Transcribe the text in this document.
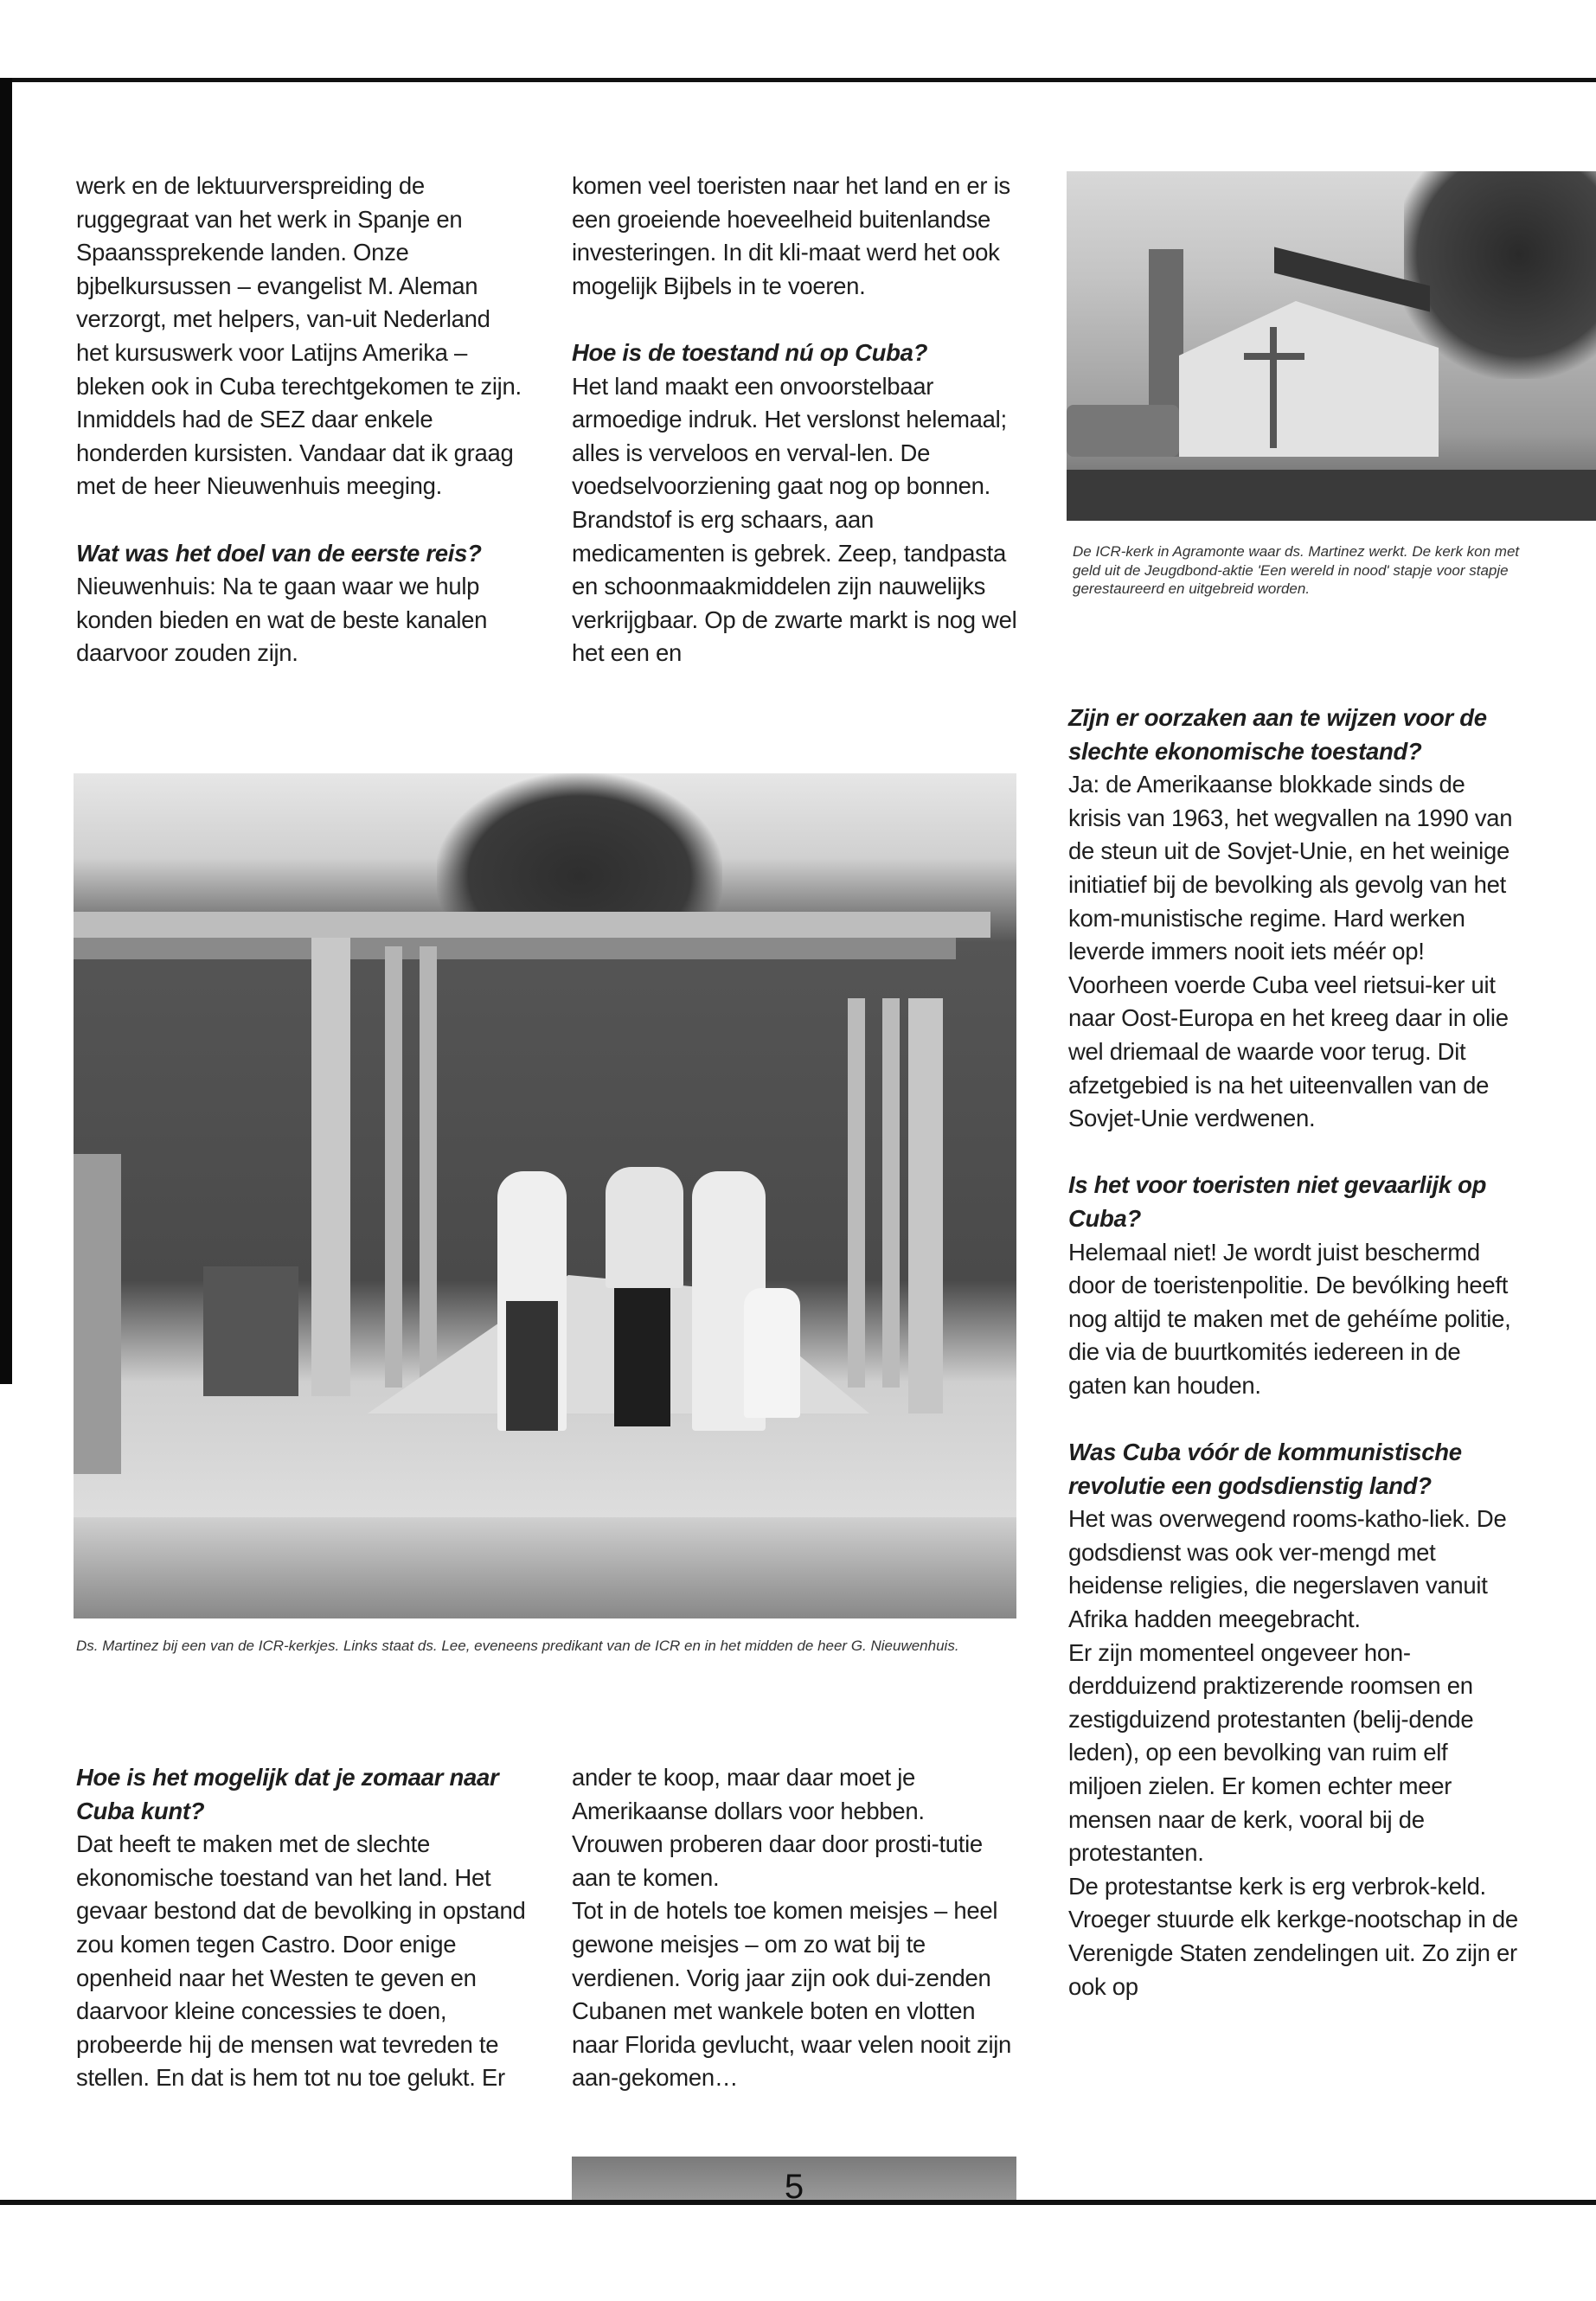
werk en de lektuurverspreiding de ruggegraat van het werk in Spanje en Spaanssprekende landen. Onze bjbelkursussen – evangelist M. Aleman verzorgt, met helpers, van-uit Nederland het kursuswerk voor Latijns Amerika – bleken ook in Cuba terechtgekomen te zijn. Inmiddels had de SEZ daar enkele honderden kursisten. Vandaar dat ik graag met de heer Nieuwenhuis meeging.

Wat was het doel van de eerste reis?

Nieuwenhuis: Na te gaan waar we hulp konden bieden en wat de beste kanalen daarvoor zouden zijn.

komen veel toeristen naar het land en er is een groeiende hoeveelheid buitenlandse investeringen. In dit kli-maat werd het ook mogelijk Bijbels in te voeren.

Hoe is de toestand nú op Cuba?

Het land maakt een onvoorstelbaar armoedige indruk. Het verslonst helemaal; alles is verveloos en verval-len. De voedselvoorziening gaat nog op bonnen. Brandstof is erg schaars, aan medicamenten is gebrek. Zeep, tandpasta en schoonmaakmiddelen zijn nauwelijks verkrijgbaar. Op de zwarte markt is nog wel het een en

De ICR-kerk in Agramonte waar ds. Martinez werkt. De kerk kon met geld uit de Jeugdbond-aktie 'Een wereld in nood' stapje voor stapje gerestaureerd en uitgebreid worden.
Ds. Martinez bij een van de ICR-kerkjes. Links staat ds. Lee, eveneens predikant van de ICR en in het midden de heer G. Nieuwenhuis.
Zijn er oorzaken aan te wijzen voor de slechte ekonomische toestand?

Ja: de Amerikaanse blokkade sinds de krisis van 1963, het wegvallen na 1990 van de steun uit de Sovjet-Unie, en het weinige initiatief bij de bevolking als gevolg van het kom-munistische regime. Hard werken leverde immers nooit iets méér op! Voorheen voerde Cuba veel rietsui-ker uit naar Oost-Europa en het kreeg daar in olie wel driemaal de waarde voor terug. Dit afzetgebied is na het uiteenvallen van de Sovjet-Unie verdwenen.

Is het voor toeristen niet gevaarlijk op Cuba?

Helemaal niet! Je wordt juist beschermd door de toeristenpolitie. De bevólking heeft nog altijd te maken met de gehéíme politie, die via de buurtkomités iedereen in de gaten kan houden.

Was Cuba vóór de kommunistische revolutie een godsdienstig land?

Het was overwegend rooms-katho-liek. De godsdienst was ook ver-mengd met heidense religies, die negerslaven vanuit Afrika hadden meegebracht.

Er zijn momenteel ongeveer hon-derdduizend praktizerende roomsen en zestigduizend protestanten (belij-dende leden), op een bevolking van ruim elf miljoen zielen. Er komen echter meer mensen naar de kerk, vooral bij de protestanten.

De protestantse kerk is erg verbrok-keld. Vroeger stuurde elk kerkge-nootschap in de Verenigde Staten zendelingen uit. Zo zijn er ook op

Hoe is het mogelijk dat je zomaar naar Cuba kunt?

Dat heeft te maken met de slechte ekonomische toestand van het land. Het gevaar bestond dat de bevolking in opstand zou komen tegen Castro. Door enige openheid naar het Westen te geven en daarvoor kleine concessies te doen, probeerde hij de mensen wat tevreden te stellen. En dat is hem tot nu toe gelukt. Er

ander te koop, maar daar moet je Amerikaanse dollars voor hebben. Vrouwen proberen daar door prosti-tutie aan te komen.

Tot in de hotels toe komen meisjes – heel gewone meisjes – om zo wat bij te verdienen. Vorig jaar zijn ook dui-zenden Cubanen met wankele boten en vlotten naar Florida gevlucht, waar velen nooit zijn aan-gekomen…

5
